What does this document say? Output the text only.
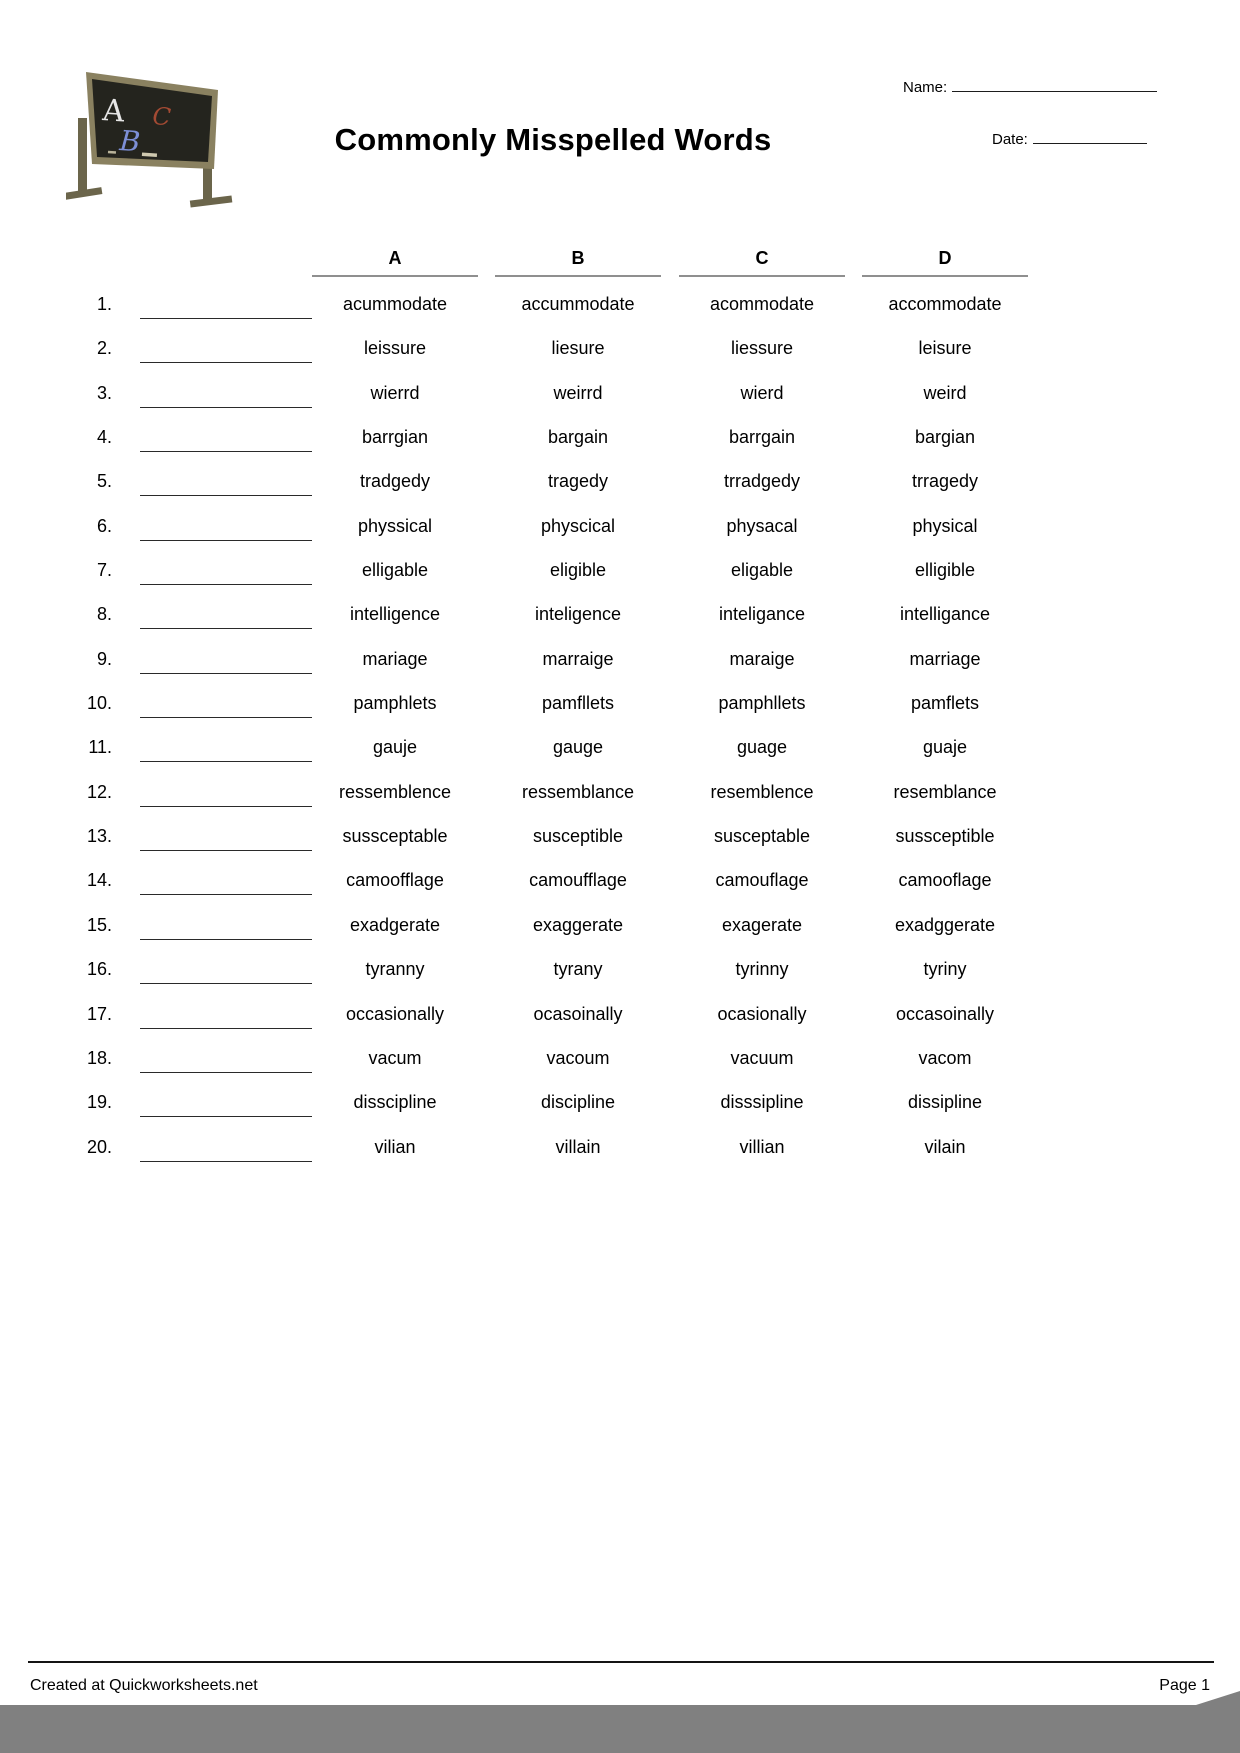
A
B
C
Name:
Commonly Misspelled Words	Date:
A	B	C	D
1.	acummodate	accummodate	acommodate	accommodate
2.	leissure	liesure	liessure	leisure
3.	wierrd	weirrd	wierd	weird
4.	barrgian	bargain	barrgain	bargian
5.	tradgedy	tragedy	trradgedy	trragedy
6.	physsical	physcical	physacal	physical
7.	elligable	eligible	eligable	elligible
8.	intelligence	inteligence	inteligance	intelligance
9.	mariage	marraige	maraige	marriage
10.	pamphlets	pamfllets	pamphllets	pamflets
11.	gauje	gauge	guage	guaje
12.	ressemblence	ressemblance	resemblence	resemblance
13.	sussceptable	susceptible	susceptable	sussceptible
14.	camoofflage	camoufflage	camouflage	camooflage
15.	exadgerate	exaggerate	exagerate	exadggerate
16.	tyranny	tyrany	tyrinny	tyriny
17.	occasionally	ocasoinally	ocasionally	occasoinally
18.	vacum	vacoum	vacuum	vacom
19.	disscipline	discipline	disssipline	dissipline
20.	vilian	villain	villian	vilain
Created at Quickworksheets.net	Page 1
